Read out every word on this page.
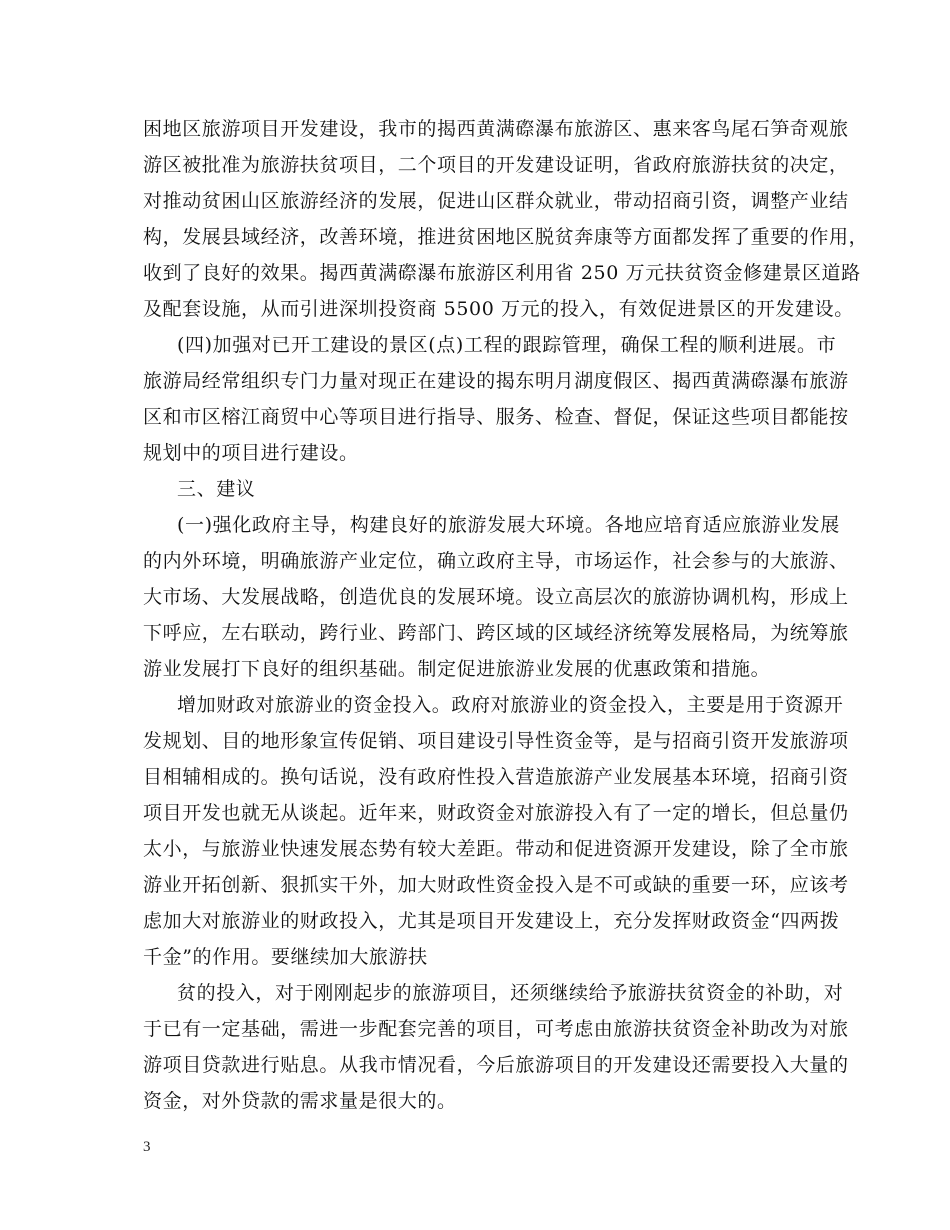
困地区旅游项目开发建设，我市的揭西黄满磜瀑布旅游区、惠来客鸟尾石笋奇观旅
游区被批准为旅游扶贫项目，二个项目的开发建设证明，省政府旅游扶贫的决定，
对推动贫困山区旅游经济的发展，促进山区群众就业，带动招商引资，调整产业结
构，发展县域经济，改善环境，推进贫困地区脱贫奔康等方面都发挥了重要的作用，
收到了良好的效果。揭西黄满磜瀑布旅游区利用省 250 万元扶贫资金修建景区道路
及配套设施，从而引进深圳投资商 5500 万元的投入，有效促进景区的开发建设。
(四)加强对已开工建设的景区(点)工程的跟踪管理，确保工程的顺利进展。市
旅游局经常组织专门力量对现正在建设的揭东明月湖度假区、揭西黄满磜瀑布旅游
区和市区榕江商贸中心等项目进行指导、服务、检查、督促，保证这些项目都能按
规划中的项目进行建设。
三、建议
(一)强化政府主导，构建良好的旅游发展大环境。各地应培育适应旅游业发展
的内外环境，明确旅游产业定位，确立政府主导，市场运作，社会参与的大旅游、
大市场、大发展战略，创造优良的发展环境。设立高层次的旅游协调机构，形成上
下呼应，左右联动，跨行业、跨部门、跨区域的区域经济统筹发展格局，为统筹旅
游业发展打下良好的组织基础。制定促进旅游业发展的优惠政策和措施。
增加财政对旅游业的资金投入。政府对旅游业的资金投入，主要是用于资源开
发规划、目的地形象宣传促销、项目建设引导性资金等，是与招商引资开发旅游项
目相辅相成的。换句话说，没有政府性投入营造旅游产业发展基本环境，招商引资
项目开发也就无从谈起。近年来，财政资金对旅游投入有了一定的增长，但总量仍
太小，与旅游业快速发展态势有较大差距。带动和促进资源开发建设，除了全市旅
游业开拓创新、狠抓实干外，加大财政性资金投入是不可或缺的重要一环，应该考
虑加大对旅游业的财政投入，尤其是项目开发建设上，充分发挥财政资金“四两拨
千金”的作用。要继续加大旅游扶
贫的投入，对于刚刚起步的旅游项目，还须继续给予旅游扶贫资金的补助，对
于已有一定基础，需进一步配套完善的项目，可考虑由旅游扶贫资金补助改为对旅
游项目贷款进行贴息。从我市情况看，今后旅游项目的开发建设还需要投入大量的
资金，对外贷款的需求量是很大的。
3
